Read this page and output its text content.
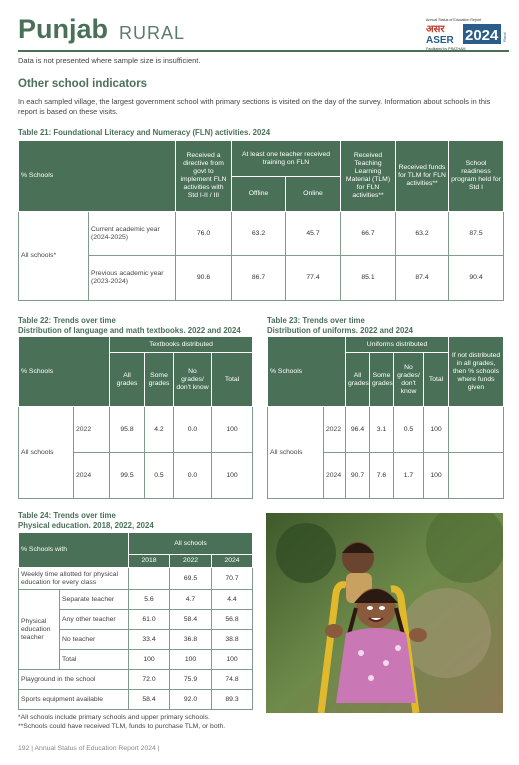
Punjab RURAL
Annual Status of Education Report
असर
ASER 2024 Rural
Facilitated by PRATHAM
Data is not presented where sample size is insufficient.
Other school indicators
In each sampled village, the largest government school with primary sections is visited on the day of the survey. Information about schools in this report is based on these visits.
Table 21: Foundational Literacy and Numeracy (FLN) activities. 2024
% Schools		Received a directive from govt to implement FLN activities with Std I-II / III	At least one teacher received training on FLN		Received Teaching Learning Material (TLM) for FLN activities**	Received funds for TLM for FLN activities**	School readiness program held for Std I
			Offline	Online			
All schools*	Current academic year (2024-2025)	76.0	63.2	45.7	66.7	63.2	87.5
	Previous academic year (2023-2024)	90.6	86.7	77.4	85.1	87.4	90.4
Table 22: Trends over time
Distribution of language and math textbooks. 2022 and 2024
% Schools		Textbooks distributed			
		All grades	Some grades	No grades/ don't know	Total
All schools	2022	95.8	4.2	0.0	100
	2024	99.5	0.5	0.0	100
Table 23: Trends over time
Distribution of uniforms. 2022 and 2024
% Schools		Uniforms distributed				If not distributed in all grades, then % schools where funds given
		All grades	Some grades	No grades/ don't know	Total	
All schools	2022	96.4	3.1	0.5	100	
	2024	90.7	7.6	1.7	100	
Table 24: Trends over time
Physical education. 2018, 2022, 2024
% Schools with		All schools		
		2018	2022	2024
Weekly time allotted for physical education for every class			69.5	70.7
Physical education teacher	Separate teacher	5.6	4.7	4.4
	Any other teacher	61.0	58.4	56.8
	No teacher	33.4	36.8	38.8
	Total	100	100	100
Playground in the school		72.0	75.9	74.8
Sports equipment available		58.4	92.0	89.3
*All schools include primary schools and upper primary schools.
**Schools could have received TLM, funds to purchase TLM, or both.
192 | Annual Status of Education Report 2024 |
